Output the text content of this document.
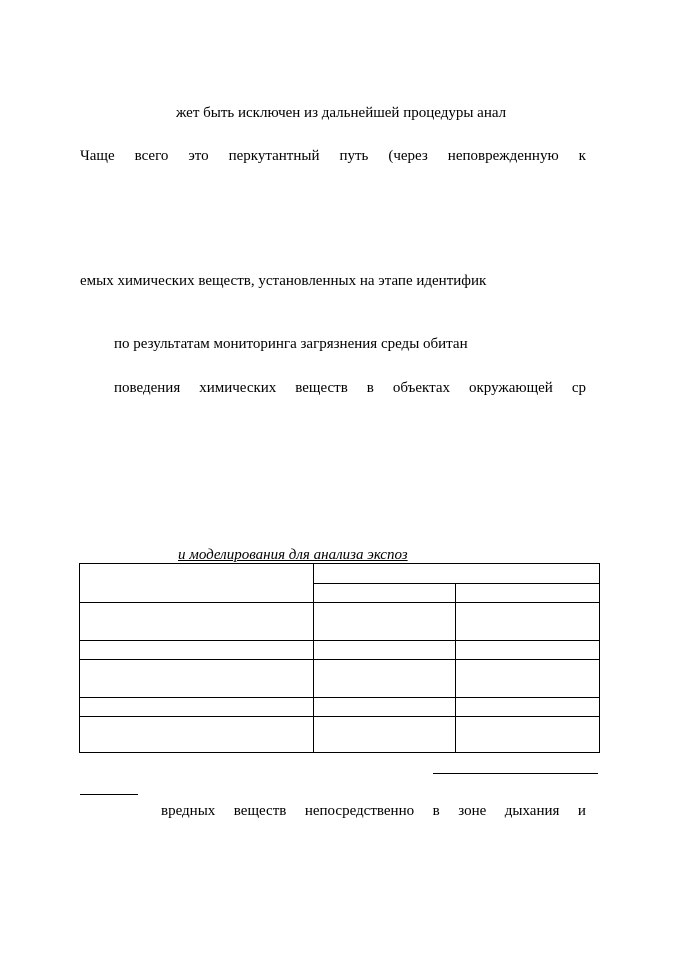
жет быть исключен из дальнейшей процедуры анал
Чаще всего это перкутантный путь (через неповрежденную к
емых химических веществ, установленных на этапе идентифик
по результатам мониторинга загрязнения среды обитан
поведения химических веществ в объектах окружающей ср
и моделирования для анализа экспоз

вредных веществ непосредственно в зоне дыхания и
